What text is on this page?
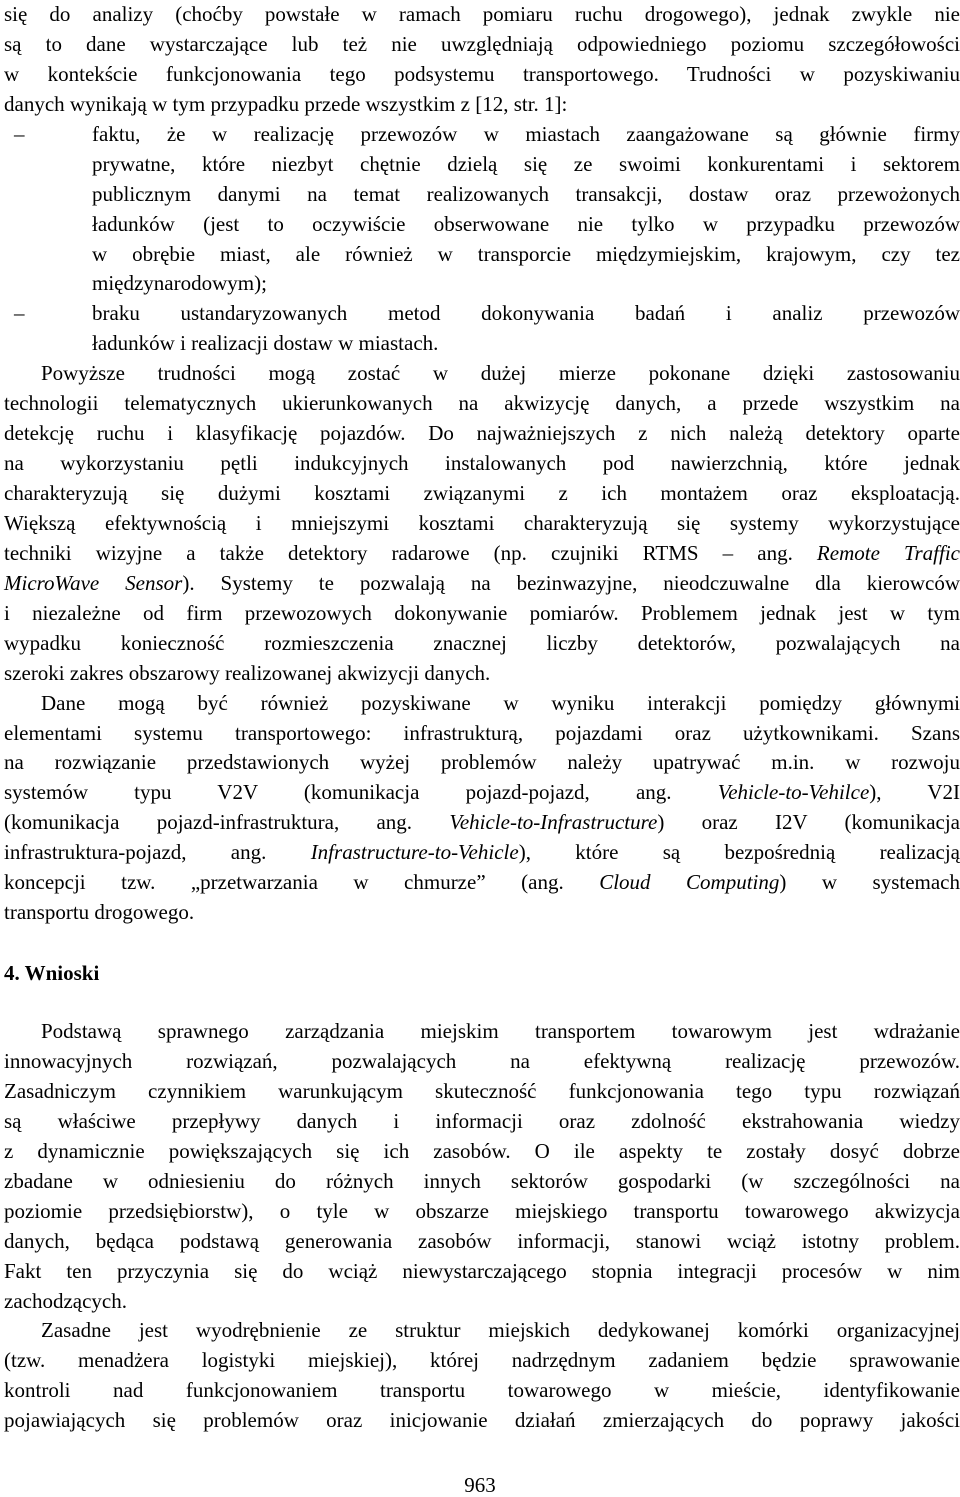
się do analizy (choćby powstałe w ramach pomiaru ruchu drogowego), jednak zwykle nie
są to dane wystarczające lub też nie uwzględniają odpowiedniego poziomu szczegółowości
w kontekście funkcjonowania tego podsystemu transportowego. Trudności w pozyskiwaniu
danych wynikają w tym przypadku przede wszystkim z [12, str. 1]:
–	faktu, że w realizację przewozów w miastach zaangażowane są głównie firmy
prywatne, które niezbyt chętnie dzielą się ze swoimi konkurentami i sektorem
publicznym danymi na temat realizowanych transakcji, dostaw oraz przewożonych
ładunków (jest to oczywiście obserwowane nie tylko w przypadku przewozów
w obrębie miast, ale również w transporcie międzymiejskim, krajowym, czy tez
międzynarodowym);
–	braku ustandaryzowanych metod dokonywania badań i analiz przewozów
ładunków i realizacji dostaw w miastach.
Powyższe trudności mogą zostać w dużej mierze pokonane dzięki zastosowaniu
technologii telematycznych ukierunkowanych na akwizycję danych, a przede wszystkim na
detekcję ruchu i klasyfikację pojazdów. Do najważniejszych z nich należą detektory oparte
na wykorzystaniu pętli indukcyjnych instalowanych pod nawierzchnią, które jednak
charakteryzują się dużymi kosztami związanymi z ich montażem oraz eksploatacją.
Większą efektywnością i mniejszymi kosztami charakteryzują się systemy wykorzystujące
techniki wizyjne a także detektory radarowe (np. czujniki RTMS – ang. Remote Traffic
MicroWave Sensor). Systemy te pozwalają na bezinwazyjne, nieodczuwalne dla kierowców
i niezależne od firm przewozowych dokonywanie pomiarów. Problemem jednak jest w tym
wypadku konieczność rozmieszczenia znacznej liczby detektorów, pozwalających na
szeroki zakres obszarowy realizowanej akwizycji danych.
Dane mogą być również pozyskiwane w wyniku interakcji pomiędzy głównymi
elementami systemu transportowego: infrastrukturą, pojazdami oraz użytkownikami. Szans
na rozwiązanie przedstawionych wyżej problemów należy upatrywać m.in. w rozwoju
systemów typu V2V (komunikacja pojazd-pojazd, ang. Vehicle-to-Vehilce), V2I
(komunikacja pojazd-infrastruktura, ang. Vehicle-to-Infrastructure) oraz I2V (komunikacja
infrastruktura-pojazd, ang. Infrastructure-to-Vehicle), które są bezpośrednią realizacją
koncepcji tzw. „przetwarzania w chmurze” (ang. Cloud Computing) w systemach
transportu drogowego.
4. Wnioski
Podstawą sprawnego zarządzania miejskim transportem towarowym jest wdrażanie
innowacyjnych rozwiązań, pozwalających na efektywną realizację przewozów.
Zasadniczym czynnikiem warunkującym skuteczność funkcjonowania tego typu rozwiązań
są właściwe przepływy danych i informacji oraz zdolność ekstrahowania wiedzy
z dynamicznie powiększających się ich zasobów. O ile aspekty te zostały dosyć dobrze
zbadane w odniesieniu do różnych innych sektorów gospodarki (w szczególności na
poziomie przedsiębiorstw), o tyle w obszarze miejskiego transportu towarowego akwizycja
danych, będąca podstawą generowania zasobów informacji, stanowi wciąż istotny problem.
Fakt ten przyczynia się do wciąż niewystarczającego stopnia integracji procesów w nim
zachodzących.
Zasadne jest wyodrębnienie ze struktur miejskich dedykowanej komórki organizacyjnej
(tzw. menadżera logistyki miejskiej), której nadrzędnym zadaniem będzie sprawowanie
kontroli nad funkcjonowaniem transportu towarowego w mieście, identyfikowanie
pojawiających się problemów oraz inicjowanie działań zmierzających do poprawy jakości
963
